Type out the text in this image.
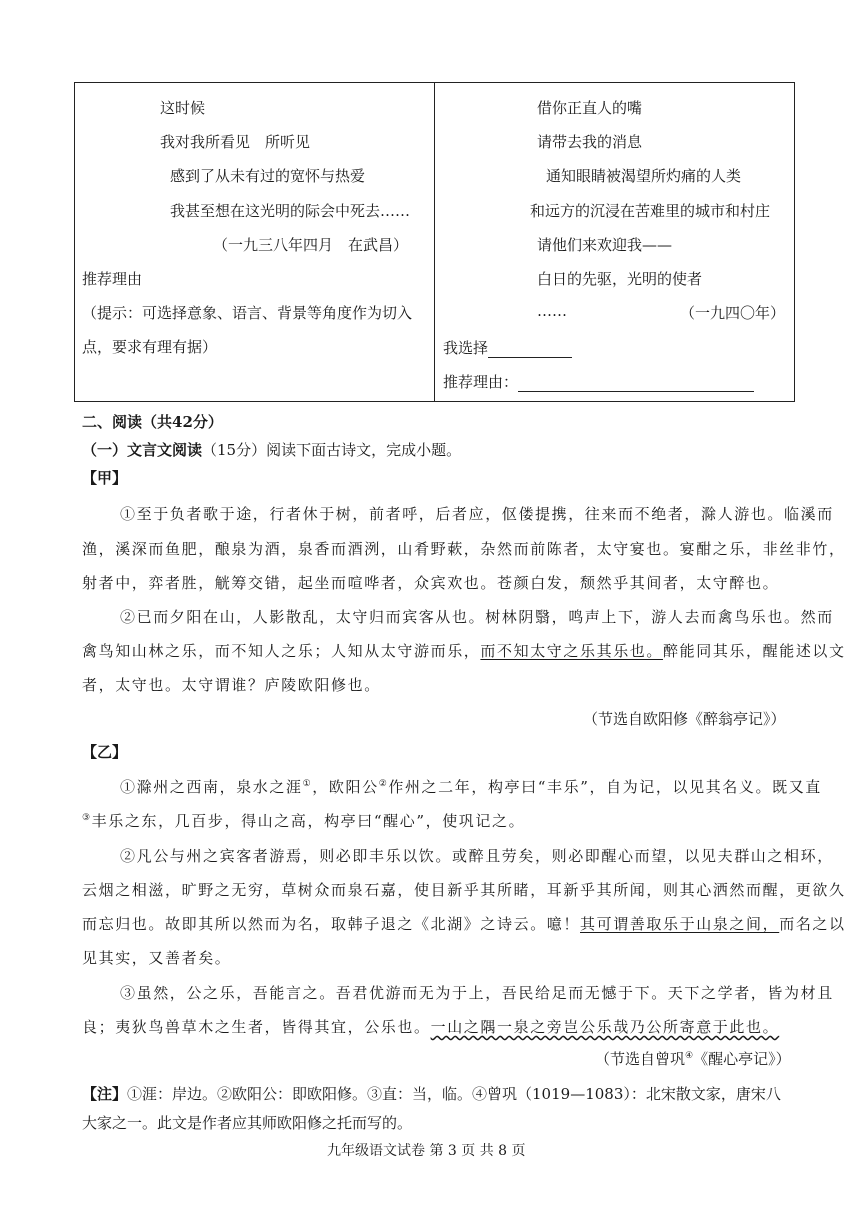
这时候
我对我所看见　所听见
感到了从未有过的宽怀与热爱
我甚至想在这光明的际会中死去……
（一九三八年四月　在武昌）
推荐理由
（提示：可选择意象、语言、背景等角度作为切入
点，要求有理有据）
借你正直人的嘴
请带去我的消息
通知眼睛被渴望所灼痛的人类
和远方的沉浸在苦难里的城市和村庄
请他们来欢迎我——
白日的先驱，光明的使者
……	（一九四〇年）
我选择
推荐理由：
二、阅读（共42分）
（一）文言文阅读（15分）阅读下面古诗文，完成小题。
【甲】
①至于负者歌于途，行者休于树，前者呼，后者应，伛偻提携，往来而不绝者，滁人游也。临溪而
渔，溪深而鱼肥，酿泉为酒，泉香而酒洌，山肴野蔌，杂然而前陈者，太守宴也。宴酣之乐，非丝非竹，
射者中，弈者胜，觥筹交错，起坐而喧哗者，众宾欢也。苍颜白发，颓然乎其间者，太守醉也。
②已而夕阳在山，人影散乱，太守归而宾客从也。树林阴翳，鸣声上下，游人去而禽鸟乐也。然而
禽鸟知山林之乐，而不知人之乐；人知从太守游而乐，而不知太守之乐其乐也。醉能同其乐，醒能述以文
者，太守也。太守谓谁？庐陵欧阳修也。
（节选自欧阳修《醉翁亭记》）
【乙】
①滁州之西南，泉水之涯①，欧阳公②作州之二年，构亭曰“丰乐”，自为记，以见其名义。既又直
③丰乐之东，几百步，得山之高，构亭曰“醒心”，使巩记之。
②凡公与州之宾客者游焉，则必即丰乐以饮。或醉且劳矣，则必即醒心而望，以见夫群山之相环，
云烟之相滋，旷野之无穷，草树众而泉石嘉，使目新乎其所睹，耳新乎其所闻，则其心洒然而醒，更欲久
而忘归也。故即其所以然而为名，取韩子退之《北湖》之诗云。噫！其可谓善取乐于山泉之间，而名之以
见其实，又善者矣。
③虽然，公之乐，吾能言之。吾君优游而无为于上，吾民给足而无憾于下。天下之学者，皆为材且
良；夷狄鸟兽草木之生者，皆得其宜，公乐也。一山之隅一泉之旁岂公乐哉乃公所寄意于此也。
（节选自曾巩④《醒心亭记》）
【注】①涯：岸边。②欧阳公：即欧阳修。③直：当，临。④曾巩（1019—1083）：北宋散文家，唐宋八
大家之一。此文是作者应其师欧阳修之托而写的。
九年级语文试卷 第 3 页 共 8 页
